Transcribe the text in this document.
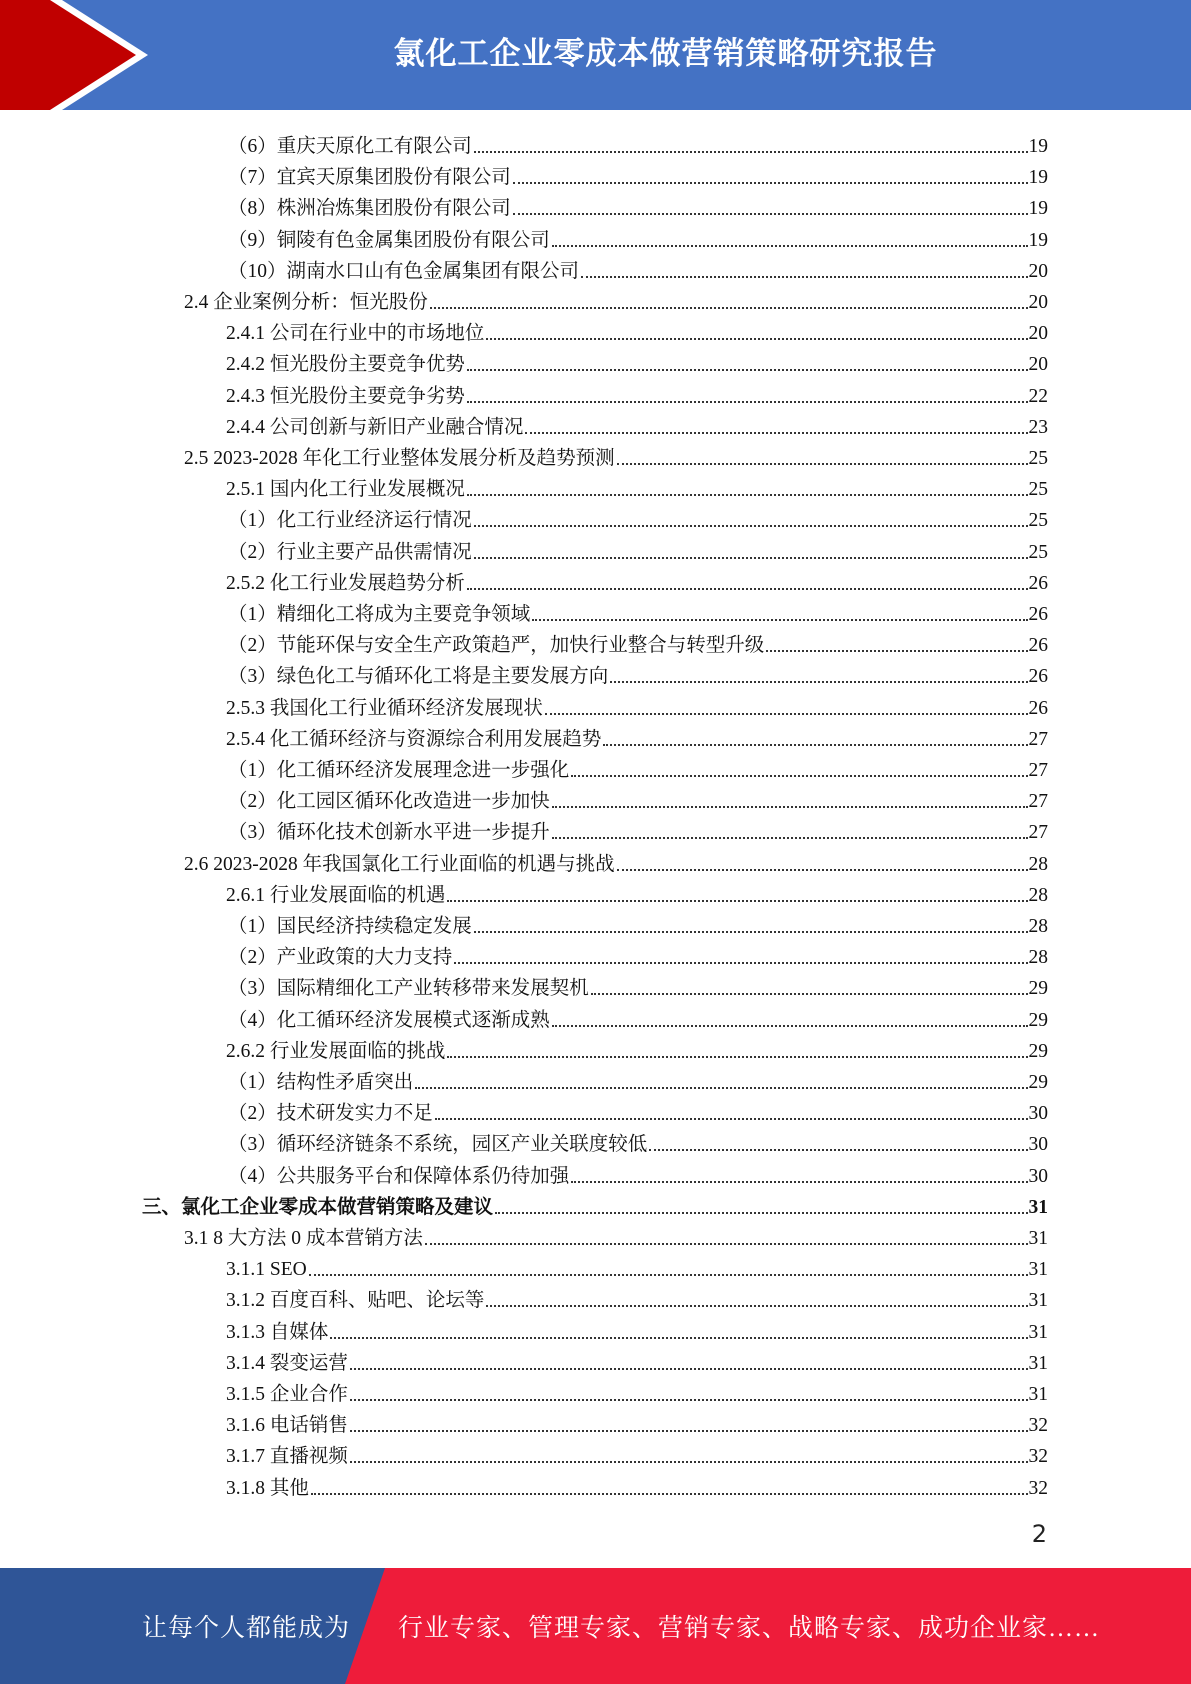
氯化工企业零成本做营销策略研究报告
（6）重庆天原化工有限公司	19
（7）宜宾天原集团股份有限公司	19
（8）株洲冶炼集团股份有限公司	19
（9）铜陵有色金属集团股份有限公司	19
（10）湖南水口山有色金属集团有限公司	20
2.4 企业案例分析：恒光股份	20
2.4.1 公司在行业中的市场地位	20
2.4.2 恒光股份主要竞争优势	20
2.4.3 恒光股份主要竞争劣势	22
2.4.4 公司创新与新旧产业融合情况	23
2.5 2023-2028 年化工行业整体发展分析及趋势预测	25
2.5.1 国内化工行业发展概况	25
（1）化工行业经济运行情况	25
（2）行业主要产品供需情况	25
2.5.2 化工行业发展趋势分析	26
（1）精细化工将成为主要竞争领域	26
（2）节能环保与安全生产政策趋严，加快行业整合与转型升级	26
（3）绿色化工与循环化工将是主要发展方向	26
2.5.3 我国化工行业循环经济发展现状	26
2.5.4 化工循环经济与资源综合利用发展趋势	27
（1）化工循环经济发展理念进一步强化	27
（2）化工园区循环化改造进一步加快	27
（3）循环化技术创新水平进一步提升	27
2.6 2023-2028 年我国氯化工行业面临的机遇与挑战	28
2.6.1 行业发展面临的机遇	28
（1）国民经济持续稳定发展	28
（2）产业政策的大力支持	28
（3）国际精细化工产业转移带来发展契机	29
（4）化工循环经济发展模式逐渐成熟	29
2.6.2 行业发展面临的挑战	29
（1）结构性矛盾突出	29
（2）技术研发实力不足	30
（3）循环经济链条不系统，园区产业关联度较低	30
（4）公共服务平台和保障体系仍待加强	30
三、氯化工企业零成本做营销策略及建议	31
3.1 8 大方法 0 成本营销方法	31
3.1.1 SEO	31
3.1.2 百度百科、贴吧、论坛等	31
3.1.3 自媒体	31
3.1.4 裂变运营	31
3.1.5 企业合作	31
3.1.6 电话销售	32
3.1.7 直播视频	32
3.1.8 其他	32
2
让每个人都能成为 行业专家、管理专家、营销专家、战略专家、成功企业家……
